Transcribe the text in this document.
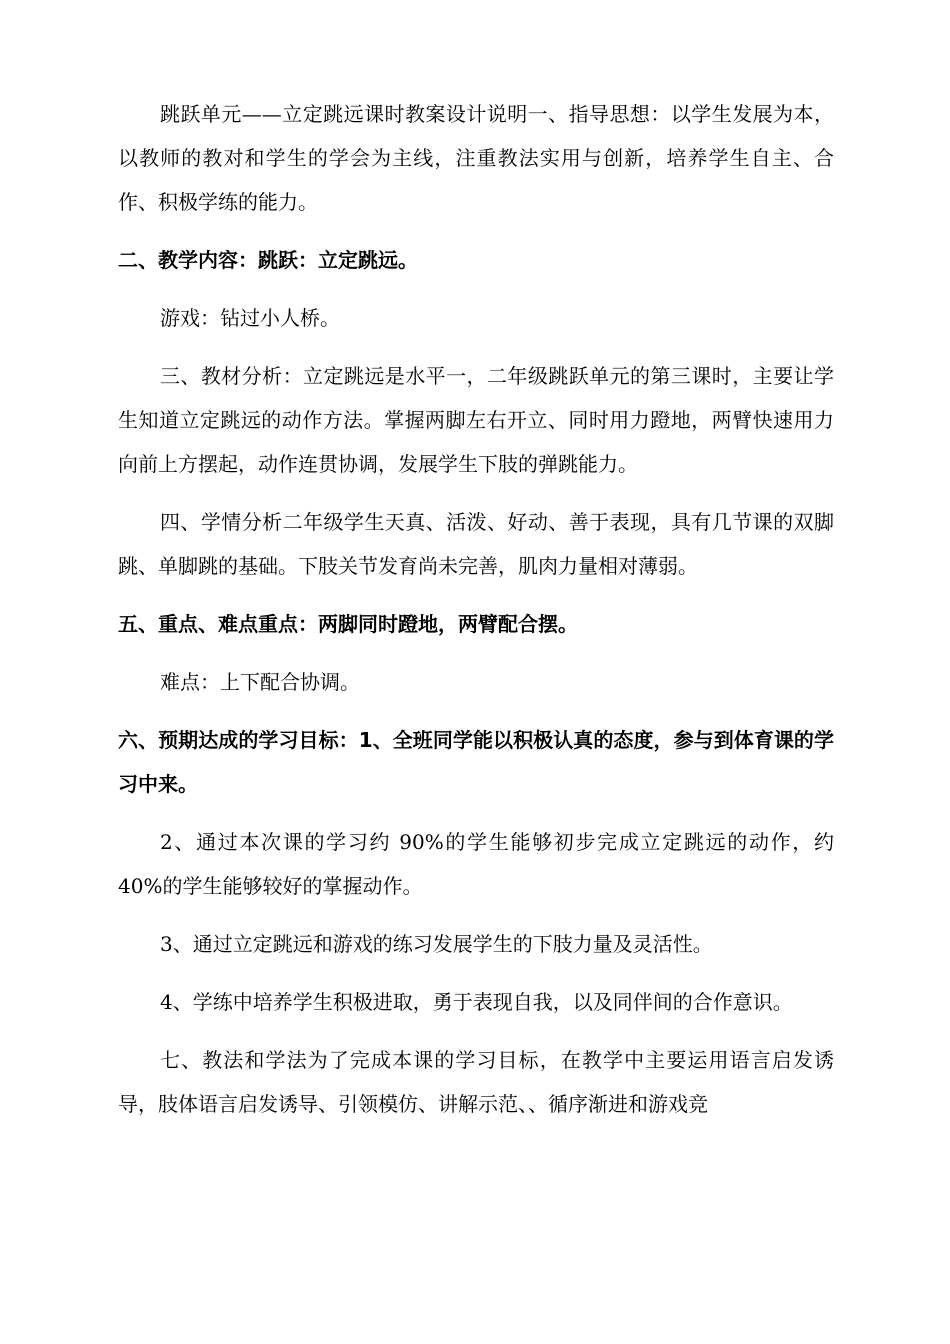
跳跃单元——立定跳远课时教案设计说明一、指导思想：以学生发展为本，以教师的教对和学生的学会为主线，注重教法实用与创新，培养学生自主、合作、积极学练的能力。

二、教学内容：跳跃：立定跳远。

游戏：钻过小人桥。

三、教材分析：立定跳远是水平一，二年级跳跃单元的第三课时，主要让学生知道立定跳远的动作方法。掌握两脚左右开立、同时用力蹬地，两臂快速用力向前上方摆起，动作连贯协调，发展学生下肢的弹跳能力。

四、学情分析二年级学生天真、活泼、好动、善于表现，具有几节课的双脚跳、单脚跳的基础。下肢关节发育尚未完善，肌肉力量相对薄弱。

五、重点、难点重点：两脚同时蹬地，两臂配合摆。

难点：上下配合协调。

六、预期达成的学习目标：1、全班同学能以积极认真的态度，参与到体育课的学习中来。

2、通过本次课的学习约 90%的学生能够初步完成立定跳远的动作，约 40%的学生能够较好的掌握动作。

3、通过立定跳远和游戏的练习发展学生的下肢力量及灵活性。

4、学练中培养学生积极进取，勇于表现自我，以及同伴间的合作意识。

七、教法和学法为了完成本课的学习目标，在教学中主要运用语言启发诱导，肢体语言启发诱导、引领模仿、讲解示范、、循序渐进和游戏竞
